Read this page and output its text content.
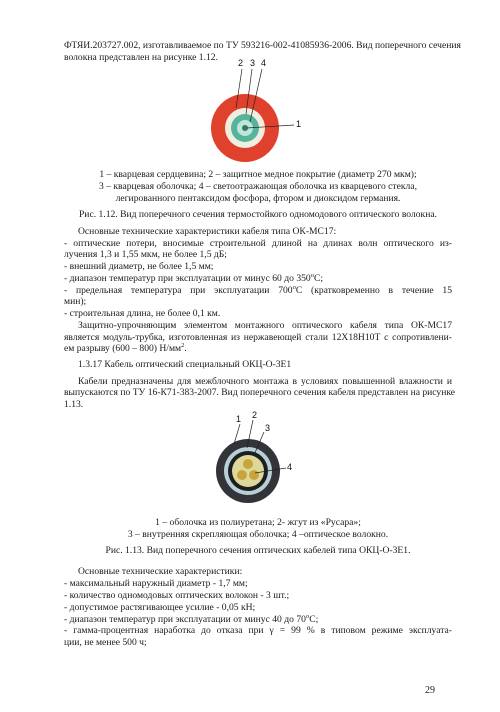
ФТЯИ.203727.002, изготавливаемое по ТУ 593216-002-41085936-2006. Вид поперечного сечения
волокна представлен на рисунке 1.12.	2 3 4
1
1 – кварцевая сердцевина; 2 – защитное медное покрытие (диаметр 270 мкм);
3 – кварцевая оболочка; 4 – светоотражающая оболочка из кварцевого стекла,
легированного пентаксидом фосфора, фтором и диоксидом германия.
Рис. 1.12. Вид поперечного сечения термостойкого одномодового оптического волокна.
Основные технические характеристики кабеля типа ОК-МС17:
- оптические потери, вносимые строительной длиной на длинах волн оптического из-
лучения 1,3 и 1,55 мкм, не более 1,5 дБ;
- внешний диаметр, не более 1,5 мм;
- диапазон температур при эксплуатации от минус 60 до 350$^o$С;
- предельная температура при эксплуатации 700$^o$С (кратковременно в течение 15
мин);
- строительная длина, не более 0,1 км.
Защитно-упрочняющим элементом монтажного оптического кабеля типа ОК-МС17
является модуль-трубка, изготовленная из нержавеющей стали 12Х18Н10Т с сопротивлени-
ем разрыву (600 – 800) $Н/мм^2$.
1.3.17 Кабель оптический специальный ОКЦ-О-3Е1
Кабели предназначены для межблочного монтажа в условиях повышенной влажности и
выпускаются по ТУ 16-К71-383-2007. Вид поперечного сечения кабеля представлен на рисунке
1.13.
1 2
3
4
1 – оболочка из полиуретана; 2- жгут из «Русара»;
3 – внутренняя скрепляющая оболочка; 4 –оптическое волокно.
Рис. 1.13. Вид поперечного сечения оптических кабелей типа ОКЦ-О-3Е1.
Основные технические характеристики:
- максимальный наружный диаметр - 1,7 мм;
- количество одномодовых оптических волокон - 3 шт.;
- допустимое растягивающее усилие - 0,05 кН;
- диапазон температур при эксплуатации от минус 40 до 70$^o$С;
- гамма-процентная наработка до отказа при γ = 99 % в типовом режиме эксплуата-
ции, не менее 500 ч;
29
